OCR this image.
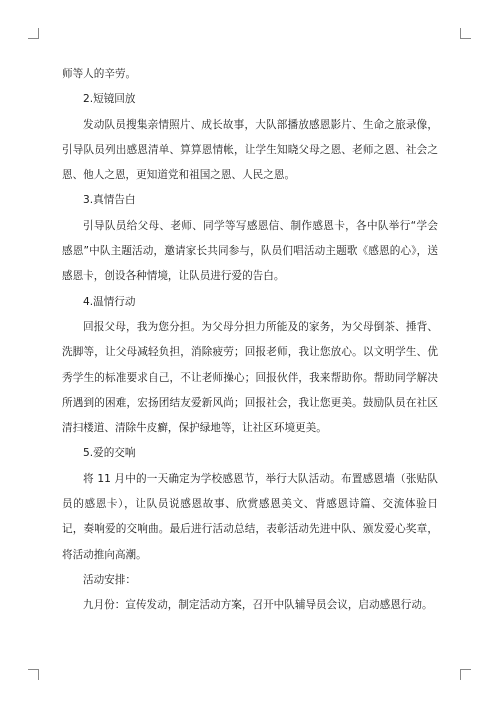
师等人的辛劳。

2.短镜回放

发动队员搜集亲情照片、成长故事，大队部播放感恩影片、生命之旅录像，引导队员列出感恩清单、算算恩情帐，让学生知晓父母之恩、老师之恩、社会之恩、他人之恩，更知道党和祖国之恩、人民之恩。

3.真情告白

引导队员给父母、老师、同学等写感恩信、制作感恩卡，各中队举行“学会感恩”中队主题活动，邀请家长共同参与，队员们唱活动主题歌《感恩的心》，送感恩卡，创设各种情境，让队员进行爱的告白。

4.温情行动

回报父母，我为您分担。为父母分担力所能及的家务，为父母倒茶、捶背、洗脚等，让父母减轻负担，消除疲劳；回报老师，我让您放心。以文明学生、优秀学生的标准要求自己，不让老师操心；回报伙伴，我来帮助你。帮助同学解决所遇到的困难，宏扬团结友爱新风尚；回报社会，我让您更美。鼓励队员在社区清扫楼道、清除牛皮癣，保护绿地等，让社区环境更美。

5.爱的交响

将 11 月中的一天确定为学校感恩节，举行大队活动。布置感恩墙（张贴队员的感恩卡），让队员说感恩故事、欣赏感恩美文、背感恩诗篇、交流体验日记，奏响爱的交响曲。最后进行活动总结，表彰活动先进中队、颁发爱心奖章，将活动推向高潮。

活动安排：

九月份：宣传发动，制定活动方案，召开中队辅导员会议，启动感恩行动。
